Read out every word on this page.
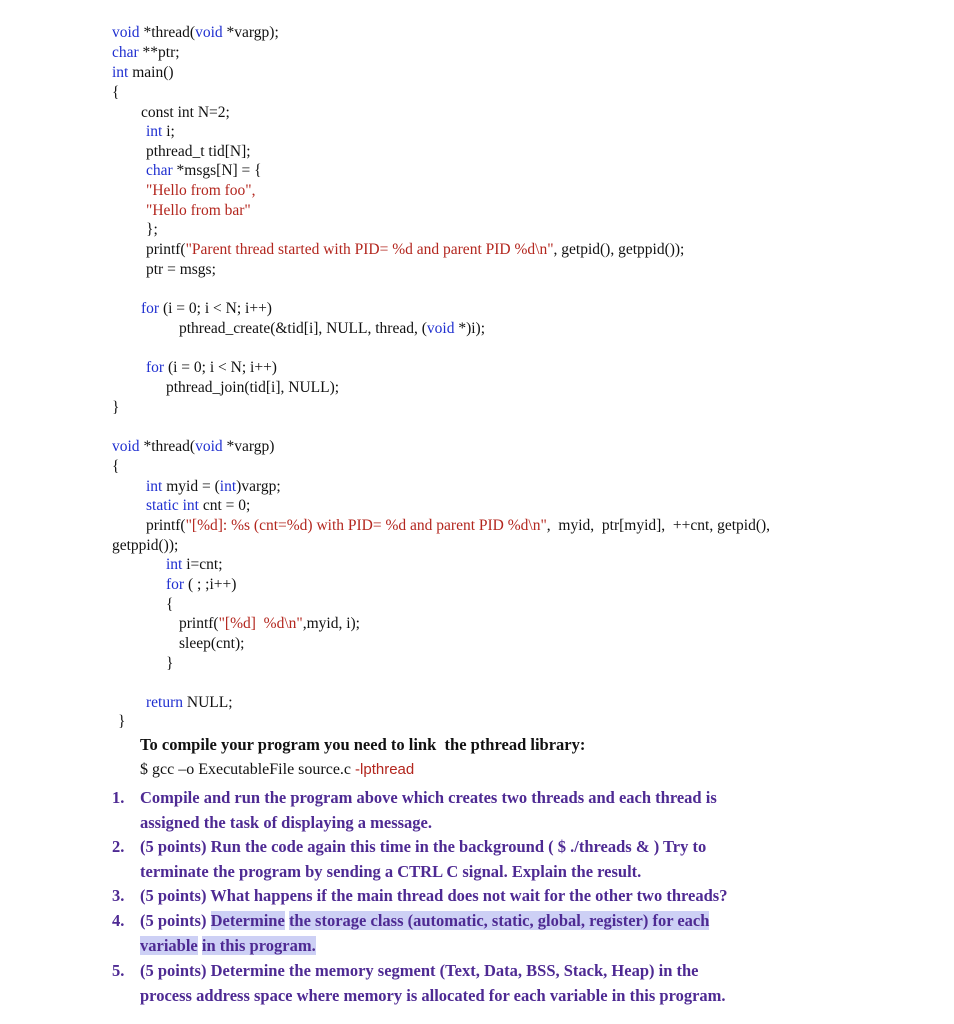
void *thread(void *vargp);
char **ptr;
int main()
{
const int N=2;
int i;
pthread_t tid[N];
char *msgs[N] = {
"Hello from foo",
"Hello from bar"
};
printf("Parent thread started with PID= %d and parent PID %d\n", getpid(), getppid());
ptr = msgs;
for (i = 0; i < N; i++)
pthread_create(&tid[i], NULL, thread, (void *)i);
for (i = 0; i < N; i++)
pthread_join(tid[i], NULL);
}
void *thread(void *vargp)
{
int myid = (int)vargp;
static int cnt = 0;
printf("[%d]: %s (cnt=%d) with PID= %d and parent PID %d\n",  myid,  ptr[myid],  ++cnt, getpid(),
getppid());
int i=cnt;
for ( ; ;i++)
{
printf("[%d]  %d\n",myid, i);
sleep(cnt);
}
return NULL;
}
To compile your program you need to link  the pthread library:
$ gcc –o ExecutableFile source.c -lpthread
1. Compile and run the program above which creates two threads and each thread is
assigned the task of displaying a message.
2. (5 points) Run the code again this time in the background ( $ ./threads & ) Try to
terminate the program by sending a CTRL C signal. Explain the result.
3. (5 points) What happens if the main thread does not wait for the other two threads?
4. (5 points) Determine the storage class (automatic, static, global, register) for each
variable in this program.
5. (5 points) Determine the memory segment (Text, Data, BSS, Stack, Heap) in the
process address space where memory is allocated for each variable in this program.
